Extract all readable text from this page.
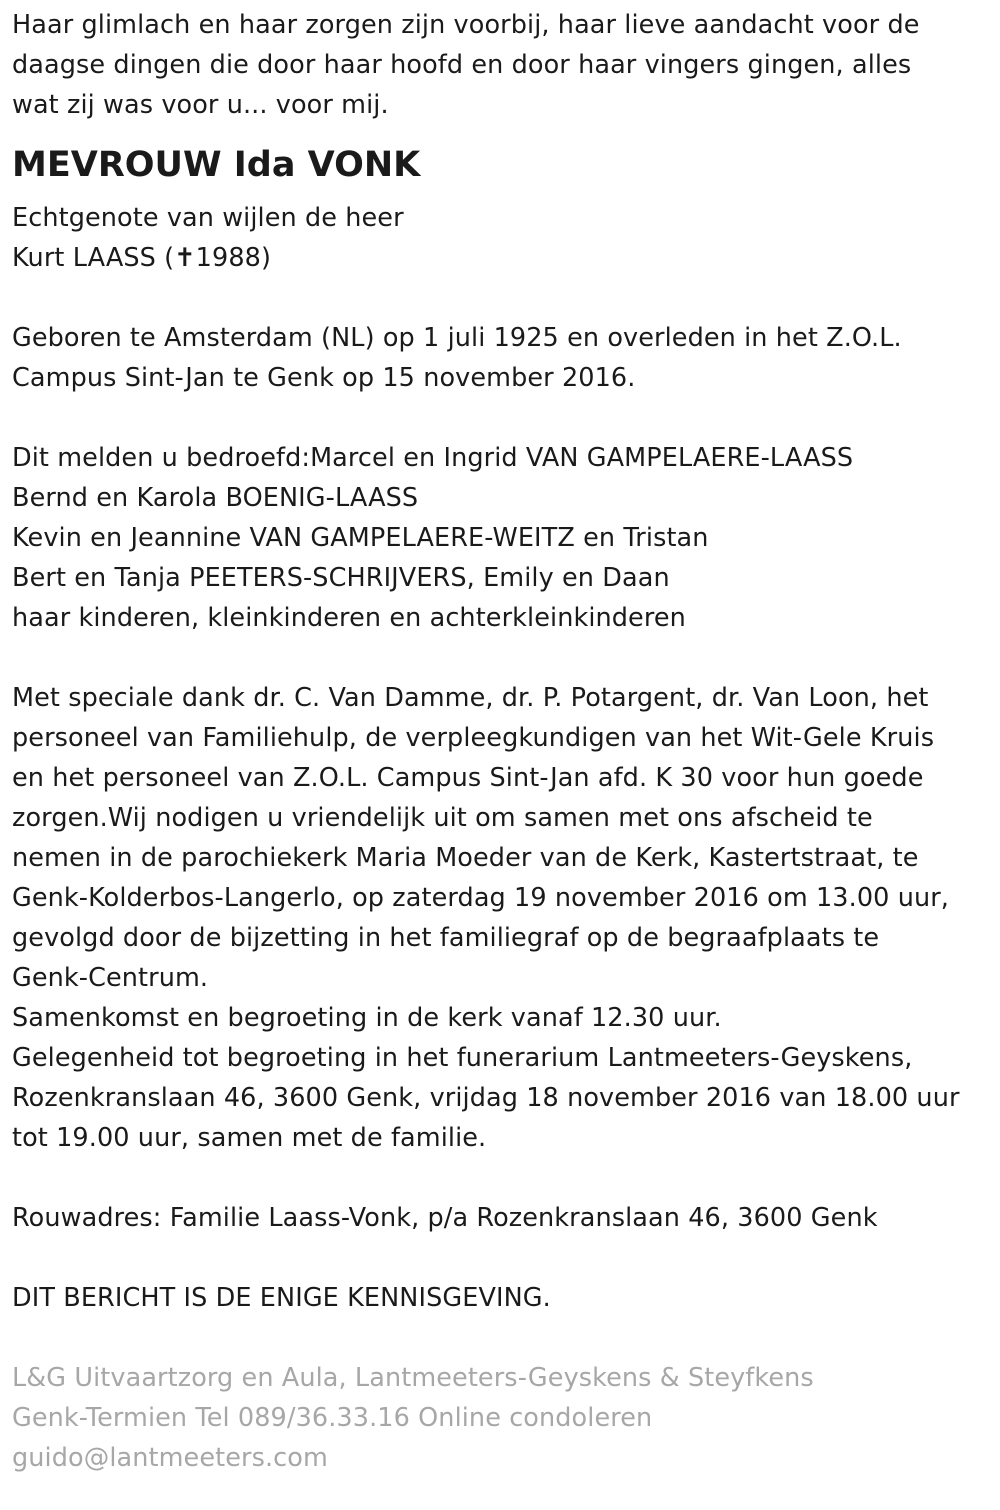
Haar glimlach en haar zorgen zijn voorbij, haar lieve aandacht voor de
daagse dingen die door haar hoofd en door haar vingers gingen, alles
wat zij was voor u... voor mij.
MEVROUW Ida VONK
Echtgenote van wijlen de heer
Kurt LAASS (✝1988)
Geboren te Amsterdam (NL) op 1 juli 1925 en overleden in het Z.O.L.
Campus Sint-Jan te Genk op 15 november 2016.
Dit melden u bedroefd:Marcel en Ingrid VAN GAMPELAERE-LAASS
Bernd en Karola BOENIG-LAASS
Kevin en Jeannine VAN GAMPELAERE-WEITZ en Tristan
Bert en Tanja PEETERS-SCHRIJVERS, Emily en Daan
haar kinderen, kleinkinderen en achterkleinkinderen
Met speciale dank dr. C. Van Damme, dr. P. Potargent, dr. Van Loon, het
personeel van Familiehulp, de verpleegkundigen van het Wit-Gele Kruis
en het personeel van Z.O.L. Campus Sint-Jan afd. K 30 voor hun goede
zorgen.Wij nodigen u vriendelijk uit om samen met ons afscheid te
nemen in de parochiekerk Maria Moeder van de Kerk, Kastertstraat, te
Genk-Kolderbos-Langerlo, op zaterdag 19 november 2016 om 13.00 uur,
gevolgd door de bijzetting in het familiegraf op de begraafplaats te
Genk-Centrum.
Samenkomst en begroeting in de kerk vanaf 12.30 uur.
Gelegenheid tot begroeting in het funerarium Lantmeeters-Geyskens,
Rozenkranslaan 46, 3600 Genk, vrijdag 18 november 2016 van 18.00 uur
tot 19.00 uur, samen met de familie.
Rouwadres: Familie Laass-Vonk, p/a Rozenkranslaan 46, 3600 Genk
DIT BERICHT IS DE ENIGE KENNISGEVING.
L&G Uitvaartzorg en Aula, Lantmeeters-Geyskens & Steyfkens
Genk-Termien Tel 089/36.33.16 Online condoleren
guido@lantmeeters.com
